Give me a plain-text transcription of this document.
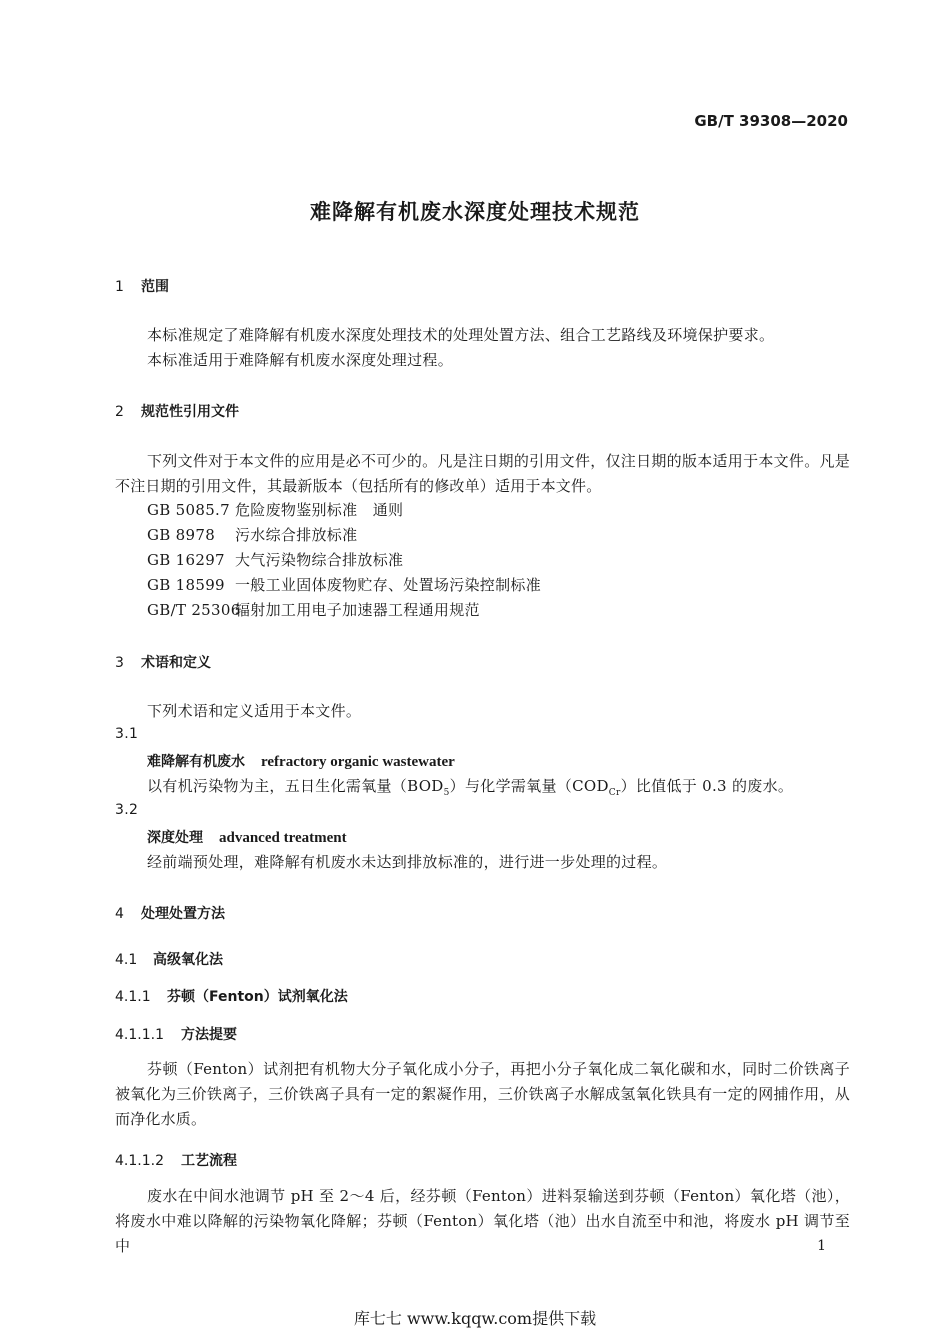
GB/T 39308—2020
难降解有机废水深度处理技术规范
1 范围
本标准规定了难降解有机废水深度处理技术的处理处置方法、组合工艺路线及环境保护要求。
本标准适用于难降解有机废水深度处理过程。
2 规范性引用文件
下列文件对于本文件的应用是必不可少的。凡是注日期的引用文件，仅注日期的版本适用于本文件。凡是不注日期的引用文件，其最新版本（包括所有的修改单）适用于本文件。
GB 5085.7 危险废物鉴别标准　通则
GB 8978 污水综合排放标准
GB 16297 大气污染物综合排放标准
GB 18599 一般工业固体废物贮存、处置场污染控制标准
GB/T 25306辐射加工用电子加速器工程通用规范
3 术语和定义
下列术语和定义适用于本文件。
3.1
难降解有机废水 refractory organic wastewater
以有机污染物为主，五日生化需氧量$(BOD_5)$与化学需氧量$(COD_{Cr})$比值低于 0.3 的废水。
3.2
深度处理 advanced treatment
经前端预处理，难降解有机废水未达到排放标准的，进行进一步处理的过程。
4 处理处置方法
4.1 高级氧化法
4.1.1 芬顿（Fenton）试剂氧化法
4.1.1.1 方法提要
芬顿（Fenton）试剂把有机物大分子氧化成小分子，再把小分子氧化成二氧化碳和水，同时二价铁离子被氧化为三价铁离子，三价铁离子具有一定的絮凝作用，三价铁离子水解成氢氧化铁具有一定的网捕作用，从而净化水质。
4.1.1.2 工艺流程
废水在中间水池调节 pH 至 2～4 后，经芬顿（Fenton）进料泵输送到芬顿（Fenton）氧化塔（池），将废水中难以降解的污染物氧化降解；芬顿（Fenton）氧化塔（池）出水自流至中和池，将废水 pH 调节至中	1
库七七 www.kqqw.com提供下载
